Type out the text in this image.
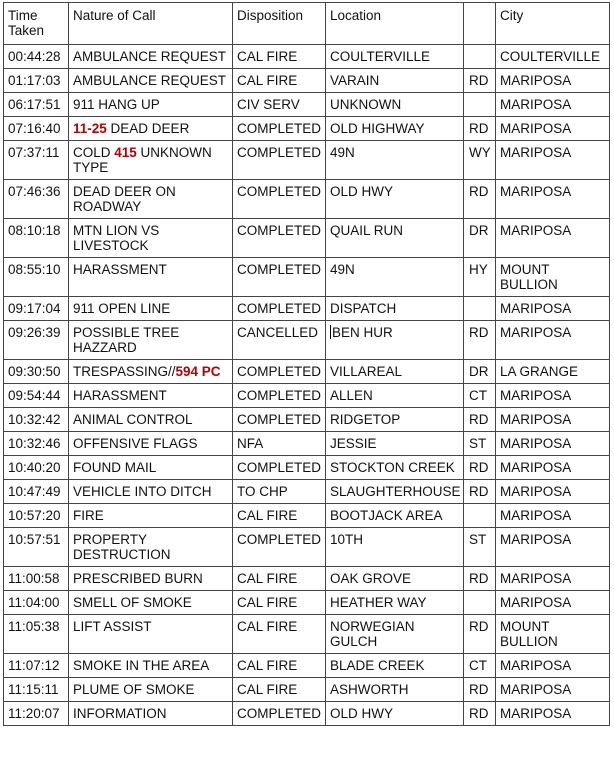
Time Taken	Nature of Call	Disposition	Location		City
00:44:28	AMBULANCE REQUEST	CAL FIRE	COULTERVILLE		COULTERVILLE
01:17:03	AMBULANCE REQUEST	CAL FIRE	VARAIN	RD	MARIPOSA
06:17:51	911 HANG UP	CIV SERV	UNKNOWN		MARIPOSA
07:16:40	11-25 DEAD DEER	COMPLETED	OLD HIGHWAY	RD	MARIPOSA
07:37:11	COLD 415 UNKNOWN TYPE	COMPLETED	49N	WY	MARIPOSA
07:46:36	DEAD DEER ON ROADWAY	COMPLETED	OLD HWY	RD	MARIPOSA
08:10:18	MTN LION VS LIVESTOCK	COMPLETED	QUAIL RUN	DR	MARIPOSA
08:55:10	HARASSMENT	COMPLETED	49N	HY	MOUNT BULLION
09:17:04	911 OPEN LINE	COMPLETED	DISPATCH		MARIPOSA
09:26:39	POSSIBLE TREE HAZZARD	CANCELLED	BEN HUR	RD	MARIPOSA
09:30:50	TRESPASSING//594 PC	COMPLETED	VILLAREAL	DR	LA GRANGE
09:54:44	HARASSMENT	COMPLETED	ALLEN	CT	MARIPOSA
10:32:42	ANIMAL CONTROL	COMPLETED	RIDGETOP	RD	MARIPOSA
10:32:46	OFFENSIVE FLAGS	NFA	JESSIE	ST	MARIPOSA
10:40:20	FOUND MAIL	COMPLETED	STOCKTON CREEK	RD	MARIPOSA
10:47:49	VEHICLE INTO DITCH	TO CHP	SLAUGHTERHOUSE	RD	MARIPOSA
10:57:20	FIRE	CAL FIRE	BOOTJACK AREA		MARIPOSA
10:57:51	PROPERTY DESTRUCTION	COMPLETED	10TH	ST	MARIPOSA
11:00:58	PRESCRIBED BURN	CAL FIRE	OAK GROVE	RD	MARIPOSA
11:04:00	SMELL OF SMOKE	CAL FIRE	HEATHER WAY		MARIPOSA
11:05:38	LIFT ASSIST	CAL FIRE	NORWEGIAN GULCH	RD	MOUNT BULLION
11:07:12	SMOKE IN THE AREA	CAL FIRE	BLADE CREEK	CT	MARIPOSA
11:15:11	PLUME OF SMOKE	CAL FIRE	ASHWORTH	RD	MARIPOSA
11:20:07	INFORMATION	COMPLETED	OLD HWY	RD	MARIPOSA
